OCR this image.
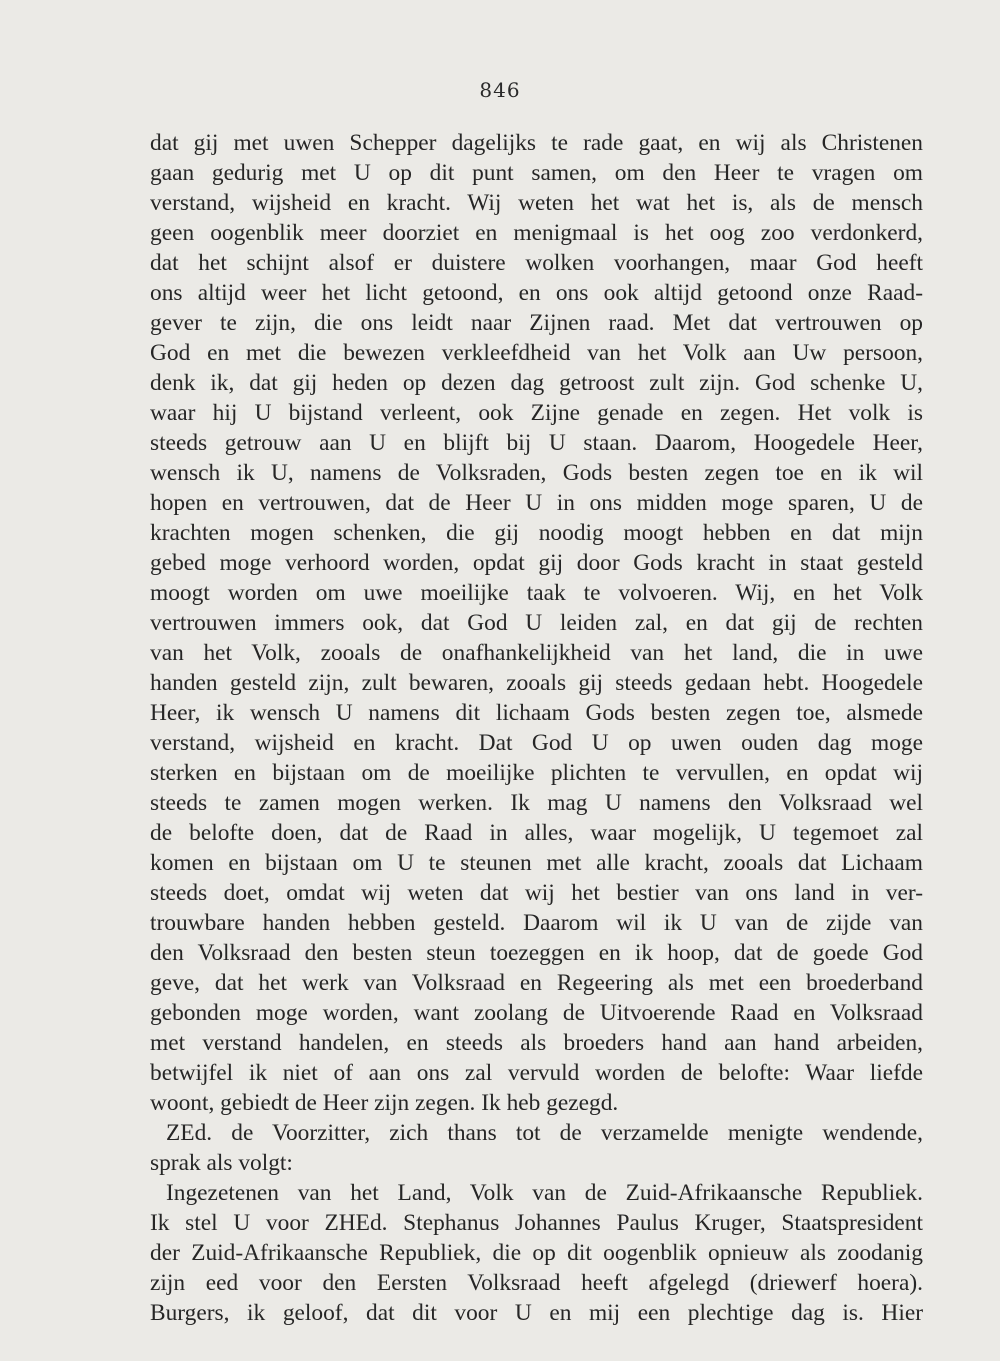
846
dat gij met uwen Schepper dagelijks te rade gaat, en wij als Christenen
gaan gedurig met U op dit punt samen, om den Heer te vragen om
verstand, wijsheid en kracht. Wij weten het wat het is, als de mensch
geen oogenblik meer doorziet en menigmaal is het oog zoo verdonkerd,
dat het schijnt alsof er duistere wolken voorhangen, maar God heeft
ons altijd weer het licht getoond, en ons ook altijd getoond onze Raad-
gever te zijn, die ons leidt naar Zijnen raad. Met dat vertrouwen op
God en met die bewezen verkleefdheid van het Volk aan Uw persoon,
denk ik, dat gij heden op dezen dag getroost zult zijn. God schenke U,
waar hij U bijstand verleent, ook Zijne genade en zegen. Het volk is
steeds getrouw aan U en blijft bij U staan. Daarom, Hoogedele Heer,
wensch ik U, namens de Volksraden, Gods besten zegen toe en ik wil
hopen en vertrouwen, dat de Heer U in ons midden moge sparen, U de
krachten mogen schenken, die gij noodig moogt hebben en dat mijn
gebed moge verhoord worden, opdat gij door Gods kracht in staat gesteld
moogt worden om uwe moeilijke taak te volvoeren. Wij, en het Volk
vertrouwen immers ook, dat God U leiden zal, en dat gij de rechten
van het Volk, zooals de onafhankelijkheid van het land, die in uwe
handen gesteld zijn, zult bewaren, zooals gij steeds gedaan hebt. Hoogedele
Heer, ik wensch U namens dit lichaam Gods besten zegen toe, alsmede
verstand, wijsheid en kracht. Dat God U op uwen ouden dag moge
sterken en bijstaan om de moeilijke plichten te vervullen, en opdat wij
steeds te zamen mogen werken. Ik mag U namens den Volksraad wel
de belofte doen, dat de Raad in alles, waar mogelijk, U tegemoet zal
komen en bijstaan om U te steunen met alle kracht, zooals dat Lichaam
steeds doet, omdat wij weten dat wij het bestier van ons land in ver-
trouwbare handen hebben gesteld. Daarom wil ik U van de zijde van
den Volksraad den besten steun toezeggen en ik hoop, dat de goede God
geve, dat het werk van Volksraad en Regeering als met een broederband
gebonden moge worden, want zoolang de Uitvoerende Raad en Volksraad
met verstand handelen, en steeds als broeders hand aan hand arbeiden,
betwijfel ik niet of aan ons zal vervuld worden de belofte: Waar liefde
woont, gebiedt de Heer zijn zegen. Ik heb gezegd.
ZEd. de Voorzitter, zich thans tot de verzamelde menigte wendende,
sprak als volgt:
Ingezetenen van het Land, Volk van de Zuid-Afrikaansche Republiek.
Ik stel U voor ZHEd. Stephanus Johannes Paulus Kruger, Staatspresident
der Zuid-Afrikaansche Republiek, die op dit oogenblik opnieuw als zoodanig
zijn eed voor den Eersten Volksraad heeft afgelegd (driewerf hoera).
Burgers, ik geloof, dat dit voor U en mij een plechtige dag is. Hier
